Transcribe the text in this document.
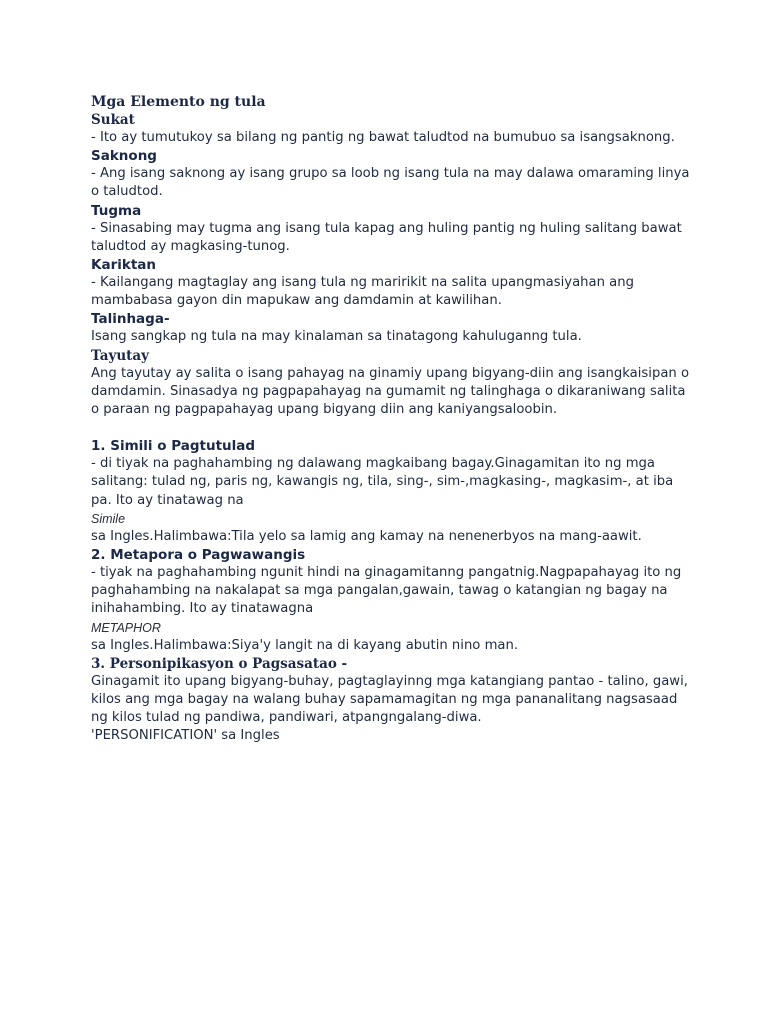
Mga Elemento ng tula

Sukat

- Ito ay tumutukoy sa bilang ng pantig ng bawat taludtod na bumubuo sa isangsaknong.

Saknong

- Ang isang saknong ay isang grupo sa loob ng isang tula na may dalawa omaraming linya o taludtod.

Tugma

- Sinasabing may tugma ang isang tula kapag ang huling pantig ng huling salitang bawat taludtod ay magkasing-tunog.

Kariktan

- Kailangang magtaglay ang isang tula ng maririkit na salita upangmasiyahan ang mambabasa gayon din mapukaw ang damdamin at kawilihan.

Talinhaga-

Isang sangkap ng tula na may kinalaman sa tinatagong kahuluganng tula.

Tayutay

Ang tayutay ay salita o isang pahayag na ginamiy upang bigyang-diin ang isangkaisipan o damdamin. Sinasadya ng pagpapahayag na gumamit ng talinghaga o dikaraniwang salita o paraan ng pagpapahayag upang bigyang diin ang kaniyangsaloobin.

1. Simili o Pagtutulad

- di tiyak na paghahambing ng dalawang magkaibang bagay.Ginagamitan ito ng mga salitang: tulad ng, paris ng, kawangis ng, tila, sing-, sim-,magkasing-, magkasim-, at iba pa. Ito ay tinatawag na

Simile

sa Ingles.Halimbawa:Tila yelo sa lamig ang kamay na nenenerbyos na mang-aawit.

2. Metapora o Pagwawangis

- tiyak na paghahambing ngunit hindi na ginagamitanng pangatnig.Nagpapahayag ito ng paghahambing na nakalapat sa mga pangalan,gawain, tawag o katangian ng bagay na inihahambing. Ito ay tinatawagna

METAPHOR

sa Ingles.Halimbawa:Siya'y langit na di kayang abutin nino man.

3. Personipikasyon o Pagsasatao -

Ginagamit ito upang bigyang-buhay, pagtaglayinng mga katangiang pantao - talino, gawi, kilos ang mga bagay na walang buhay sapamamagitan ng mga pananalitang nagsasaad ng kilos tulad ng pandiwa, pandiwari, atpangngalang-diwa.

'PERSONIFICATION' sa Ingles
